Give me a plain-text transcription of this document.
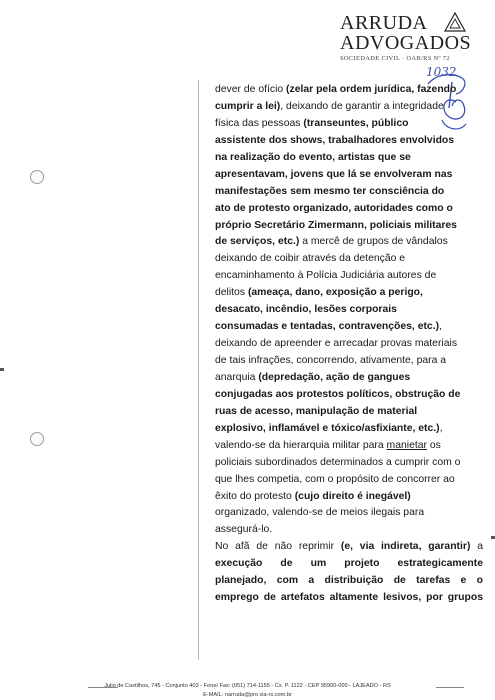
ARRUDA
ADVOGADOS
SOCIEDADE CIVIL · OAB/RS Nº 72
1032
dever de ofício (zelar pela ordem jurídica, fazendo
cumprir a lei), deixando de garantir a integridade
física das pessoas (transeuntes, público
assistente dos shows, trabalhadores envolvidos
na realização do evento, artistas que se
apresentavam, jovens que lá se envolveram nas
manifestações sem mesmo ter consciência do
ato de protesto organizado, autoridades como o
próprio Secretário Zimermann, policiais militares
de serviços, etc.) a mercê de grupos de vândalos
deixando de coibir através da detenção e
encaminhamento à Polícia Judiciária autores de
delitos (ameaça, dano, exposição a perigo,
desacato, incêndio, lesões corporais
consumadas e tentadas, contravenções, etc.),
deixando de apreender e arrecadar provas materiais
de tais infrações, concorrendo, ativamente, para a
anarquia (depredação, ação de gangues
conjugadas aos protestos políticos, obstrução de
ruas de acesso, manipulação de material
explosivo, inflamável e tóxico/asfixiante, etc.),
valendo-se da hierarquia militar para manietar os
policiais subordinados determinados a cumprir com o
que lhes competia, com o propósito de concorrer ao
êxito do protesto (cujo direito é inegável)
organizado, valendo-se de meios ilegais para
assegurá-lo.
No afã de não reprimir (e, via indireta, garantir) a
execução de um projeto estrategicamente
planejado, com a distribuição de tarefas e o
emprego de artefatos altamente lesivos, por grupos
Julio de Castilhos, 745 - Conjunto 403 - Fone/ Fax: (051) 714-1155 - Cx. P. 1122 - CEP 95900-000 - LAJEADO - RS
E-MAIL: narruda@pro.via-rs.com.br
